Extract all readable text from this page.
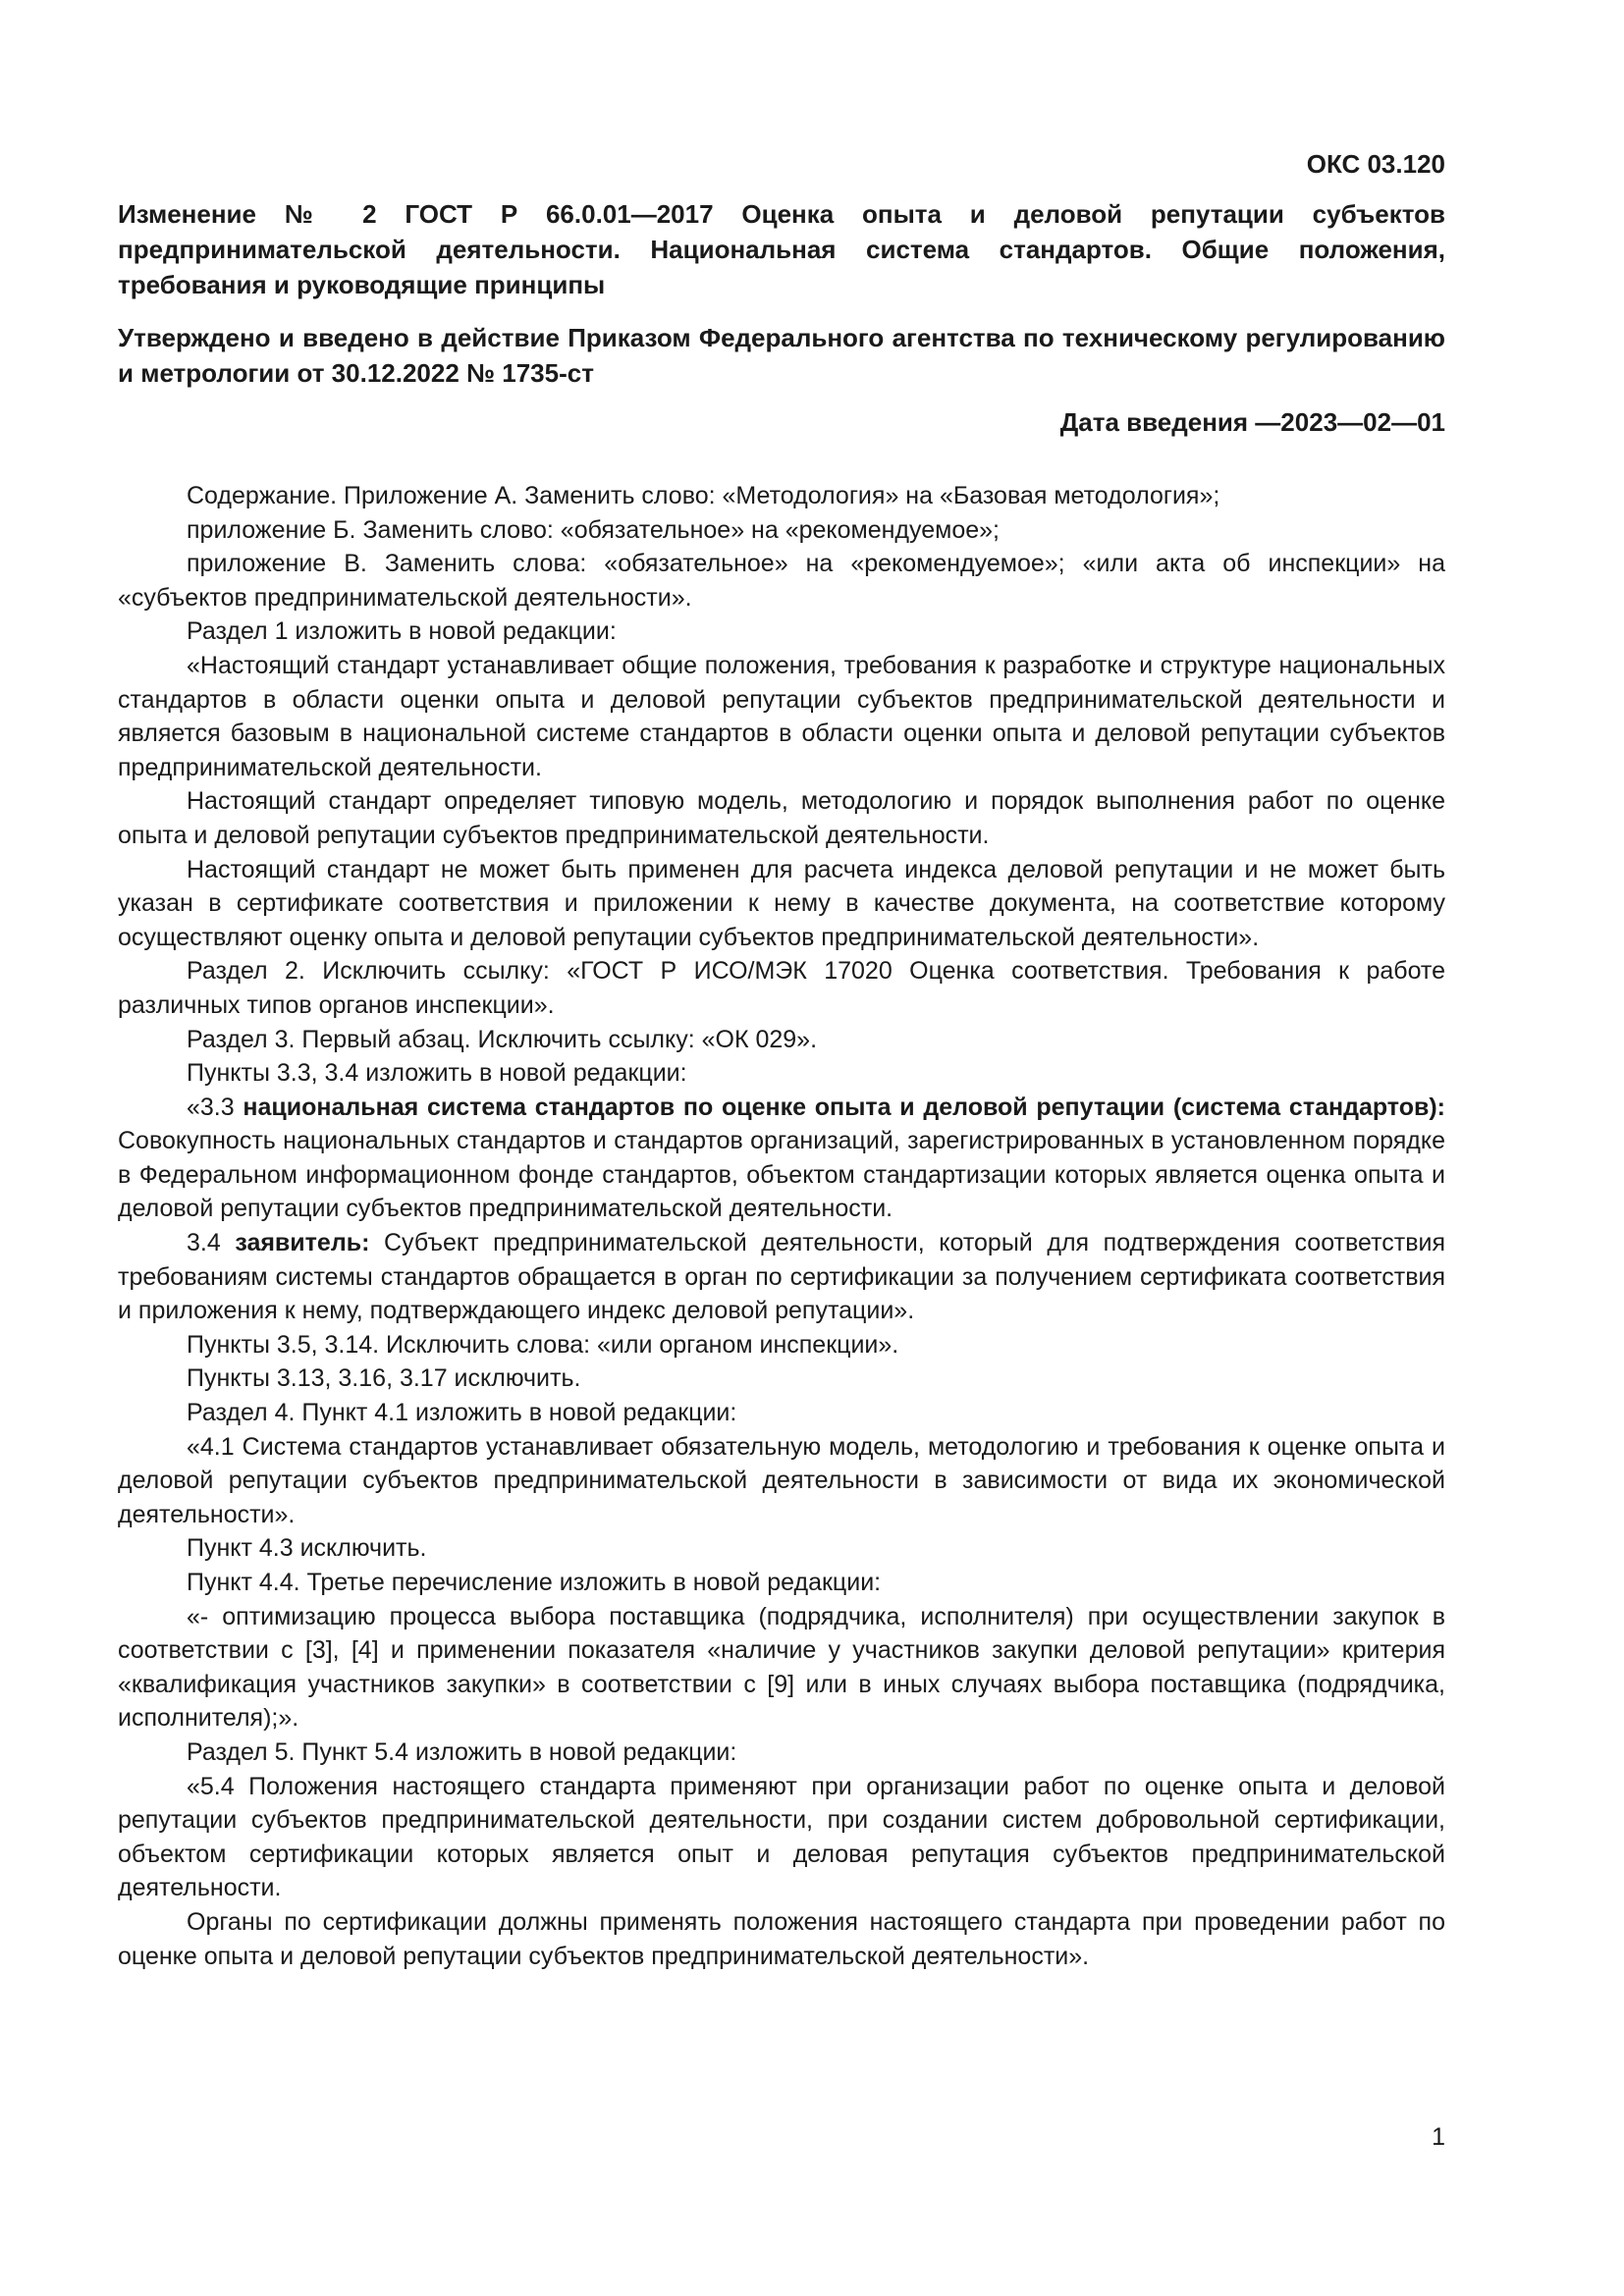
ОКС 03.120

Изменение № 2 ГОСТ Р 66.0.01—2017 Оценка опыта и деловой репутации субъектов предпринимательской деятельности. Национальная система стандартов. Общие положения, требования и руководящие принципы

Утверждено и введено в действие Приказом Федерального агентства по техническому регулированию и метрологии от 30.12.2022 № 1735-ст

Дата введения —2023—02—01

Содержание. Приложение А. Заменить слово: «Методология» на «Базовая методология»;

приложение Б. Заменить слово: «обязательное» на «рекомендуемое»;

приложение В. Заменить слова: «обязательное» на «рекомендуемое»; «или акта об инспекции» на «субъектов предпринимательской деятельности».

Раздел 1 изложить в новой редакции:

«Настоящий стандарт устанавливает общие положения, требования к разработке и структуре национальных стандартов в области оценки опыта и деловой репутации субъектов предпринимательской деятельности и является базовым в национальной системе стандартов в области оценки опыта и деловой репутации субъектов предпринимательской деятельности.

Настоящий стандарт определяет типовую модель, методологию и порядок выполнения работ по оценке опыта и деловой репутации субъектов предпринимательской деятельности.

Настоящий стандарт не может быть применен для расчета индекса деловой репутации и не может быть указан в сертификате соответствия и приложении к нему в качестве документа, на соответствие которому осуществляют оценку опыта и деловой репутации субъектов предпринимательской деятельности».

Раздел 2. Исключить ссылку: «ГОСТ Р ИСО/МЭК 17020 Оценка соответствия. Требования к работе различных типов органов инспекции».

Раздел 3. Первый абзац. Исключить ссылку: «ОК 029».

Пункты 3.3, 3.4 изложить в новой редакции:

«3.3 национальная система стандартов по оценке опыта и деловой репутации (система стандартов): Совокупность национальных стандартов и стандартов организаций, зарегистрированных в установленном порядке в Федеральном информационном фонде стандартов, объектом стандартизации которых является оценка опыта и деловой репутации субъектов предпринимательской деятельности.

3.4 заявитель: Субъект предпринимательской деятельности, который для подтверждения соответствия требованиям системы стандартов обращается в орган по сертификации за получением сертификата соответствия и приложения к нему, подтверждающего индекс деловой репутации».

Пункты 3.5, 3.14. Исключить слова: «или органом инспекции».

Пункты 3.13, 3.16, 3.17 исключить.

Раздел 4. Пункт 4.1 изложить в новой редакции:

«4.1 Система стандартов устанавливает обязательную модель, методологию и требования к оценке опыта и деловой репутации субъектов предпринимательской деятельности в зависимости от вида их экономической деятельности».

Пункт 4.3 исключить.

Пункт 4.4. Третье перечисление изложить в новой редакции:

«- оптимизацию процесса выбора поставщика (подрядчика, исполнителя) при осуществлении закупок в соответствии с [3], [4] и применении показателя «наличие у участников закупки деловой репутации» критерия «квалификация участников закупки» в соответствии с [9] или в иных случаях выбора поставщика (подрядчика, исполнителя);».

Раздел 5. Пункт 5.4 изложить в новой редакции:

«5.4 Положения настоящего стандарта применяют при организации работ по оценке опыта и деловой репутации субъектов предпринимательской деятельности, при создании систем добровольной сертификации, объектом сертификации которых является опыт и деловая репутация субъектов предпринимательской деятельности.

Органы по сертификации должны применять положения настоящего стандарта при проведении работ по оценке опыта и деловой репутации субъектов предпринимательской деятельности».

1
